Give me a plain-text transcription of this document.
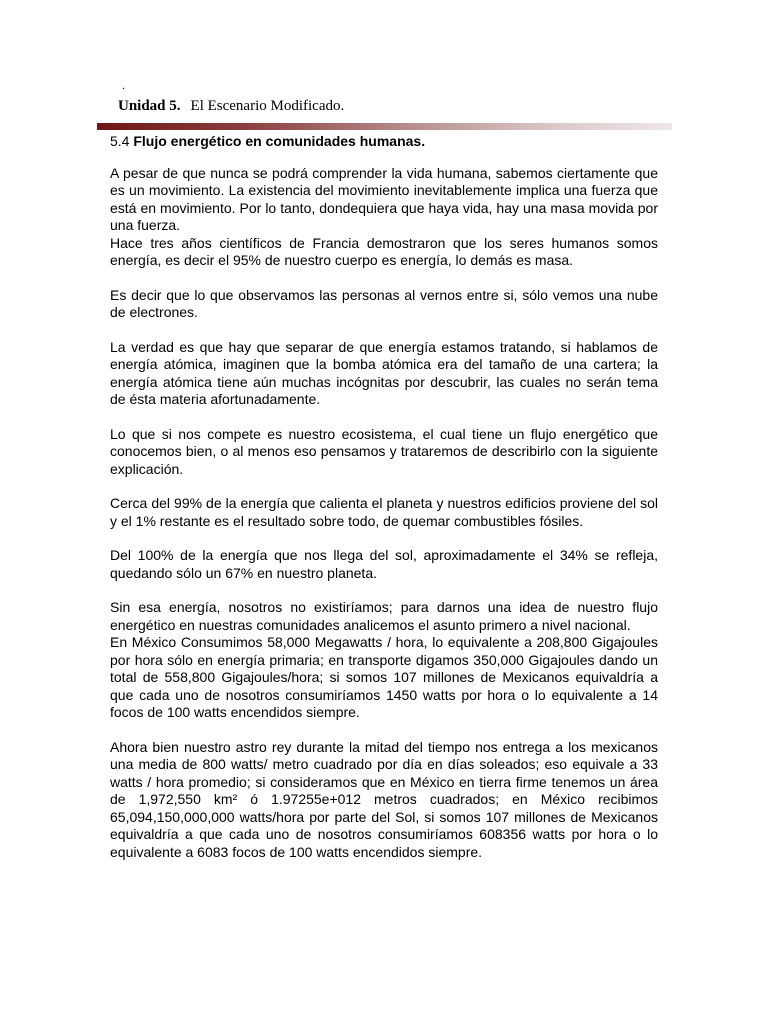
.
Unidad 5. El Escenario Modificado.
5.4 Flujo energético en comunidades humanas.

A pesar de que nunca se podrá comprender la vida humana, sabemos ciertamente que es un movimiento. La existencia del movimiento inevitablemente implica una fuerza que está en movimiento. Por lo tanto, dondequiera que haya vida, hay una masa movida por una fuerza.

Hace tres años científicos de Francia demostraron que los seres humanos somos energía, es decir el 95% de nuestro cuerpo es energía, lo demás es masa.

Es decir que lo que observamos las personas al vernos entre si, sólo vemos una nube de electrones.

La verdad es que hay que separar de que energía estamos tratando, si hablamos de energía atómica, imaginen que la bomba atómica era del tamaño de una cartera; la energía atómica tiene aún muchas incógnitas por descubrir, las cuales no serán tema de ésta materia afortunadamente.

Lo que si nos compete es nuestro ecosistema, el cual tiene un flujo energético que conocemos bien, o al menos eso pensamos y trataremos de describirlo con la siguiente explicación.

Cerca del 99% de la energía que calienta el planeta y nuestros edificios proviene del sol y el 1% restante es el resultado sobre todo, de quemar combustibles fósiles.

Del 100% de la energía que nos llega del sol, aproximadamente el 34% se refleja, quedando sólo un 67% en nuestro planeta.

Sin esa energía, nosotros no existiríamos; para darnos una idea de nuestro flujo energético en nuestras comunidades analicemos el asunto primero a nivel nacional.

En México Consumimos 58,000 Megawatts / hora, lo equivalente a 208,800 Gigajoules por hora sólo en energía primaria; en transporte digamos 350,000 Gigajoules dando un total de 558,800 Gigajoules/hora; si somos 107 millones de Mexicanos equivaldría a que cada uno de nosotros consumiríamos 1450 watts por hora o lo equivalente a 14 focos de 100 watts encendidos siempre.

Ahora bien nuestro astro rey durante la mitad del tiempo nos entrega a los mexicanos una media de 800 watts/ metro cuadrado por día en días soleados; eso equivale a 33 watts / hora promedio; si consideramos que en México en tierra firme tenemos un área de 1,972,550 km² ó 1.97255e+012 metros cuadrados; en México recibimos 65,094,150,000,000 watts/hora por parte del Sol, si somos 107 millones de Mexicanos equivaldría a que cada uno de nosotros consumiríamos 608356 watts por hora o lo equivalente a 6083 focos de 100 watts encendidos siempre.
